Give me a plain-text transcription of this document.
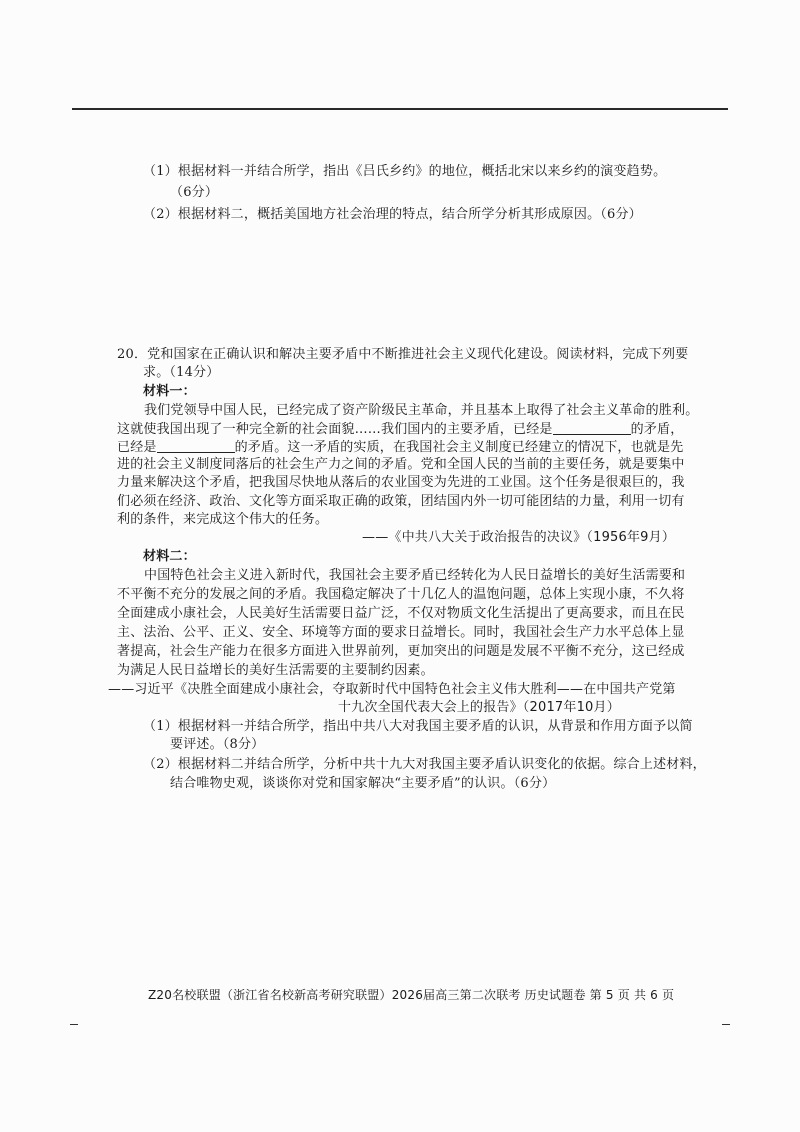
（1）根据材料一并结合所学，指出《吕氏乡约》的地位，概括北宋以来乡约的演变趋势。
（6分）
（2）根据材料二，概括美国地方社会治理的特点，结合所学分析其形成原因。（6分）
20．党和国家在正确认识和解决主要矛盾中不断推进社会主义现代化建设。阅读材料，完成下列要
求。（14分）
材料一：
我们党领导中国人民，已经完成了资产阶级民主革命，并且基本上取得了社会主义革命的胜利。
这就使我国出现了一种完全新的社会面貌……我们国内的主要矛盾，已经是	的矛盾，
已经是	的矛盾。这一矛盾的实质，在我国社会主义制度已经建立的情况下，也就是先
进的社会主义制度同落后的社会生产力之间的矛盾。党和全国人民的当前的主要任务，就是要集中
力量来解决这个矛盾，把我国尽快地从落后的农业国变为先进的工业国。这个任务是很艰巨的，我
们必须在经济、政治、文化等方面采取正确的政策，团结国内外一切可能团结的力量，利用一切有
利的条件，来完成这个伟大的任务。
——《中共八大关于政治报告的决议》（1956年9月）
材料二：
中国特色社会主义进入新时代，我国社会主要矛盾已经转化为人民日益增长的美好生活需要和
不平衡不充分的发展之间的矛盾。我国稳定解决了十几亿人的温饱问题，总体上实现小康，不久将
全面建成小康社会，人民美好生活需要日益广泛，不仅对物质文化生活提出了更高要求，而且在民
主、法治、公平、正义、安全、环境等方面的要求日益增长。同时，我国社会生产力水平总体上显
著提高，社会生产能力在很多方面进入世界前列，更加突出的问题是发展不平衡不充分，这已经成
为满足人民日益增长的美好生活需要的主要制约因素。
——习近平《决胜全面建成小康社会，夺取新时代中国特色社会主义伟大胜利——在中国共产党第
十九次全国代表大会上的报告》（2017年10月）
（1）根据材料一并结合所学，指出中共八大对我国主要矛盾的认识，从背景和作用方面予以简
要评述。（8分）
（2）根据材料二并结合所学，分析中共十九大对我国主要矛盾认识变化的依据。综合上述材料，
结合唯物史观，谈谈你对党和国家解决“主要矛盾”的认识。（6分）
Z20名校联盟（浙江省名校新高考研究联盟）2026届高三第二次联考 历史试题卷 第 5 页 共 6 页
